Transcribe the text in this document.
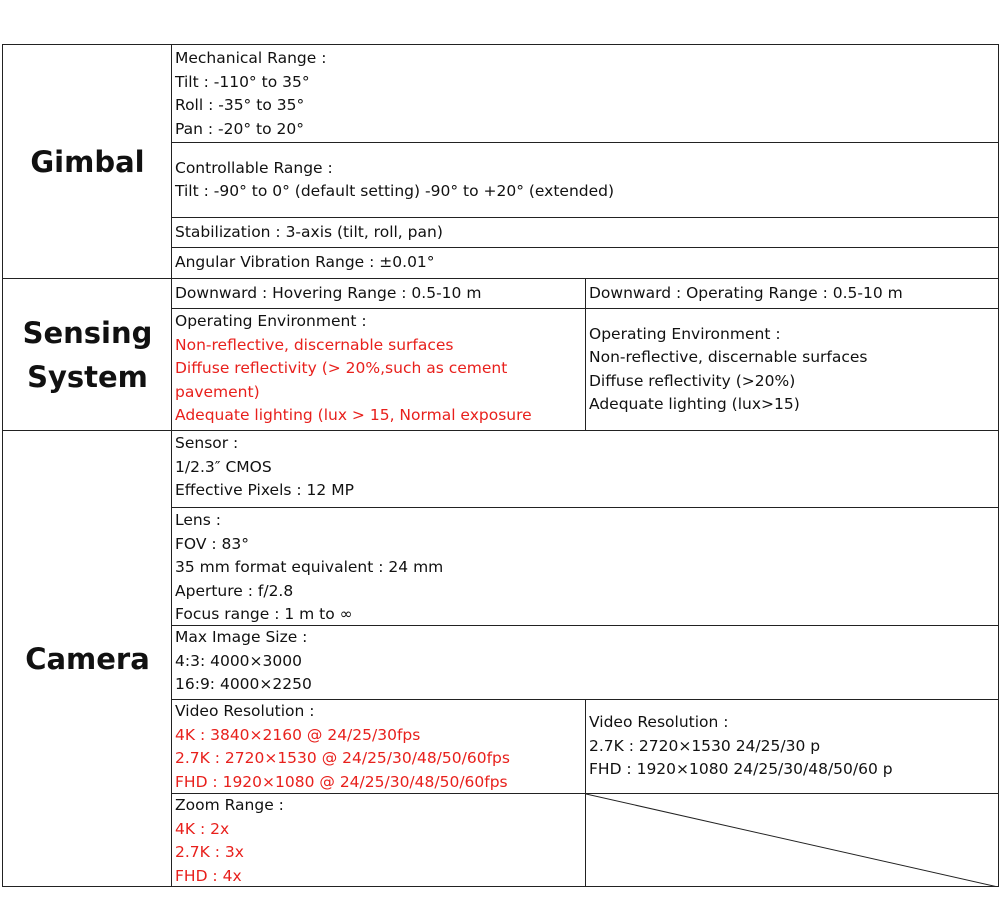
Gimbal
Mechanical Range :
Tilt : -110° to 35°
Roll : -35° to 35°
Pan : -20° to 20°
Controllable Range :
Tilt : -90° to 0° (default setting) -90° to +20° (extended)
Stabilization : 3-axis (tilt, roll, pan)
Angular Vibration Range : ±0.01°
Sensing
System
Downward : Hovering Range : 0.5-10 m	Downward : Operating Range : 0.5-10 m
Operating Environment :
Non-reflective, discernable surfaces
Diffuse reflectivity (> 20%,such as cement
pavement)
Adequate lighting (lux > 15, Normal exposure
Operating Environment :
Non-reflective, discernable surfaces
Diffuse reflectivity (>20%)
Adequate lighting (lux>15)
Camera
Sensor :
1/2.3″ CMOS
Effective Pixels : 12 MP
Lens :
FOV : 83°
35 mm format equivalent : 24 mm
Aperture : f/2.8
Focus range : 1 m to ∞
Max Image Size :
4:3: 4000×3000
16:9: 4000×2250
Video Resolution :
4K : 3840×2160 @ 24/25/30fps
2.7K : 2720×1530 @ 24/25/30/48/50/60fps
FHD : 1920×1080 @ 24/25/30/48/50/60fps
Video Resolution :
2.7K : 2720×1530 24/25/30 p
FHD : 1920×1080 24/25/30/48/50/60 p
Zoom Range :
4K : 2x
2.7K : 3x
FHD : 4x
